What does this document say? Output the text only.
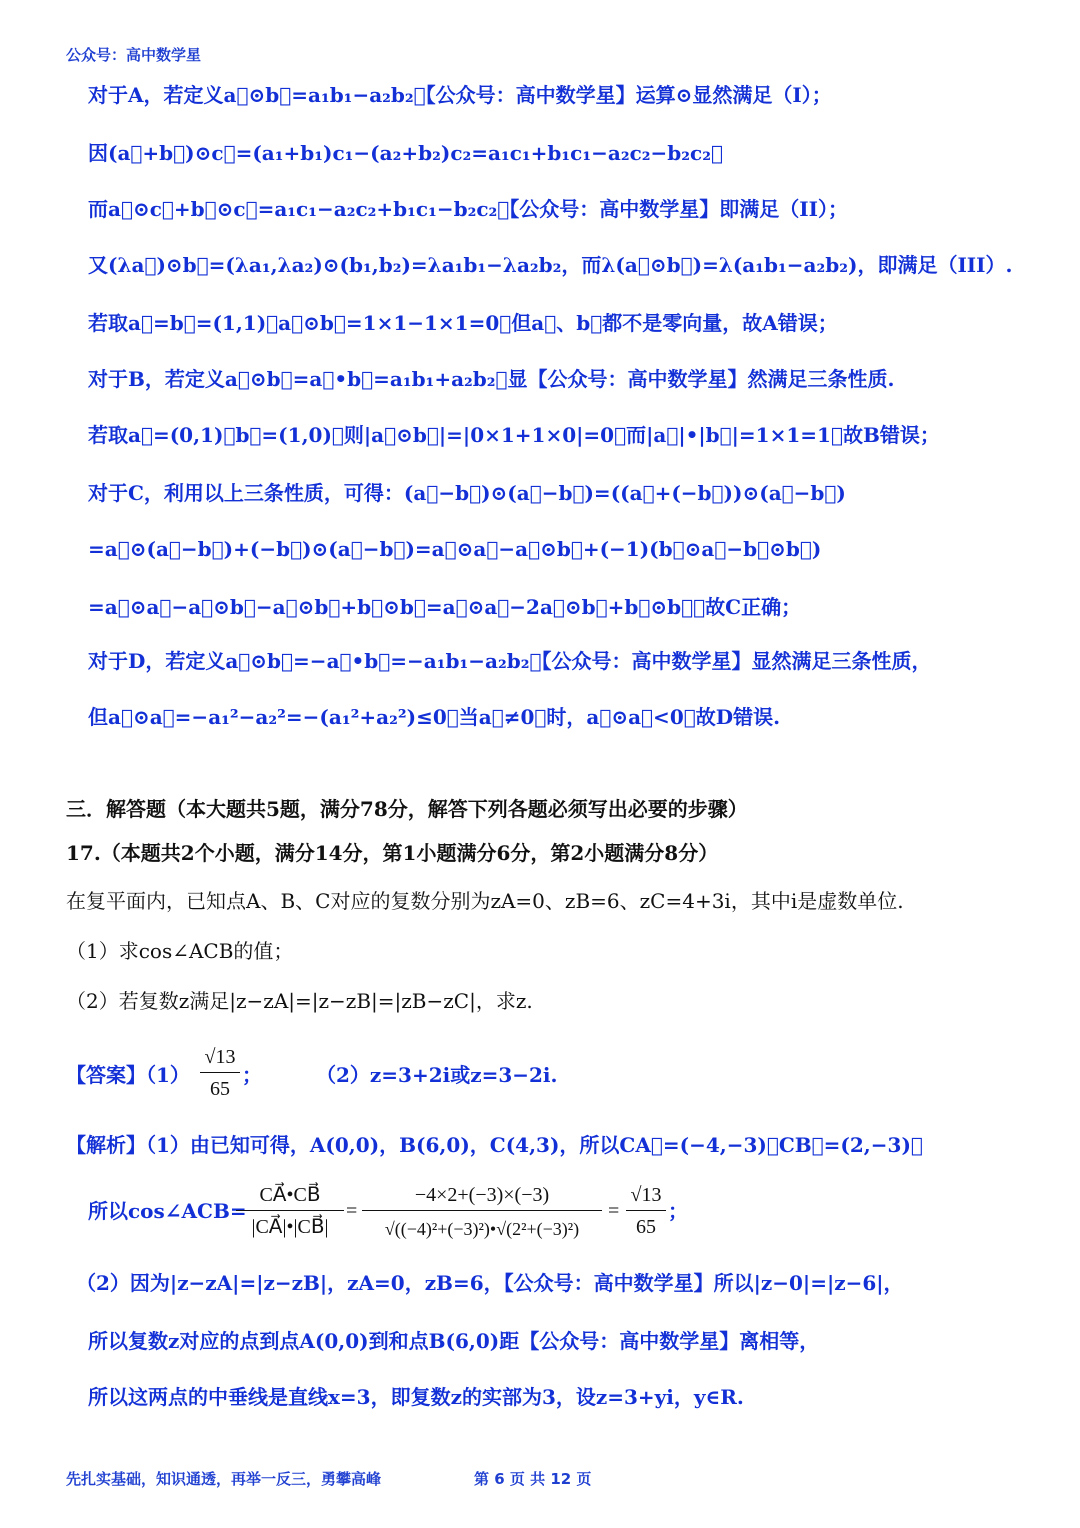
公众号：高中数学星
对于A，若定义a⃗⊙b⃗=a₁b₁−a₂b₂，【公众号：高中数学星】运算⊙显然满足（I）；
因(a⃗+b⃗)⊙c⃗=(a₁+b₁)c₁−(a₂+b₂)c₂=a₁c₁+b₁c₁−a₂c₂−b₂c₂，
而a⃗⊙c⃗+b⃗⊙c⃗=a₁c₁−a₂c₂+b₁c₁−b₂c₂，【公众号：高中数学星】即满足（II）；
又(λa⃗)⊙b⃗=(λa₁,λa₂)⊙(b₁,b₂)=λa₁b₁−λa₂b₂，而λ(a⃗⊙b⃗)=λ(a₁b₁−a₂b₂)，即满足（III）.
若取a⃗=b⃗=(1,1)，a⃗⊙b⃗=1×1−1×1=0，但a⃗、b⃗都不是零向量，故A错误；
对于B，若定义a⃗⊙b⃗=a⃗•b⃗=a₁b₁+a₂b₂，显【公众号：高中数学星】然满足三条性质.
若取a⃗=(0,1)，b⃗=(1,0)，则|a⃗⊙b⃗|=|0×1+1×0|=0，而|a⃗|•|b⃗|=1×1=1，故B错误；
对于C，利用以上三条性质，可得：(a⃗−b⃗)⊙(a⃗−b⃗)=((a⃗+(−b⃗))⊙(a⃗−b⃗)
=a⃗⊙(a⃗−b⃗)+(−b⃗)⊙(a⃗−b⃗)=a⃗⊙a⃗−a⃗⊙b⃗+(−1)(b⃗⊙a⃗−b⃗⊙b⃗)
=a⃗⊙a⃗−a⃗⊙b⃗−a⃗⊙b⃗+b⃗⊙b⃗=a⃗⊙a⃗−2a⃗⊙b⃗+b⃗⊙b⃗，故C正确；
对于D，若定义a⃗⊙b⃗=−a⃗•b⃗=−a₁b₁−a₂b₂，【公众号：高中数学星】显然满足三条性质，
但a⃗⊙a⃗=−a₁²−a₂²=−(a₁²+a₂²)≤0，当a⃗≠0⃗时，a⃗⊙a⃗<0，故D错误.
三．解答题（本大题共5题，满分78分，解答下列各题必须写出必要的步骤）
17.（本题共2个小题，满分14分，第1小题满分6分，第2小题满分8分）
在复平面内，已知点A、B、C对应的复数分别为zA=0、zB=6、zC=4+3i，其中i是虚数单位.
（1）求cos∠ACB的值；
（2）若复数z满足|z−zA|=|z−zB|=|zB−zC|，求z.
【答案】（1）
√13
65
；	（2）z=3+2i或z=3−2i.
【解析】（1）由已知可得，A(0,0)，B(6,0)，C(4,3)，所以CA⃗=(−4,−3)，CB⃗=(2,−3)，
所以cos∠ACB=
CA⃗•CB⃗
|CA⃗|•|CB⃗|
=
−4×2+(−3)×(−3)
√((−4)²+(−3)²)•√(2²+(−3)²)
=
√13
65
；
（2）因为|z−zA|=|z−zB|，zA=0，zB=6，【公众号：高中数学星】所以|z−0|=|z−6|，
所以复数z对应的点到点A(0,0)到和点B(6,0)距【公众号：高中数学星】离相等，
所以这两点的中垂线是直线x=3，即复数z的实部为3，设z=3+yi，y∈R.
先扎实基础，知识通透，再举一反三，勇攀高峰	第 6 页 共 12 页
